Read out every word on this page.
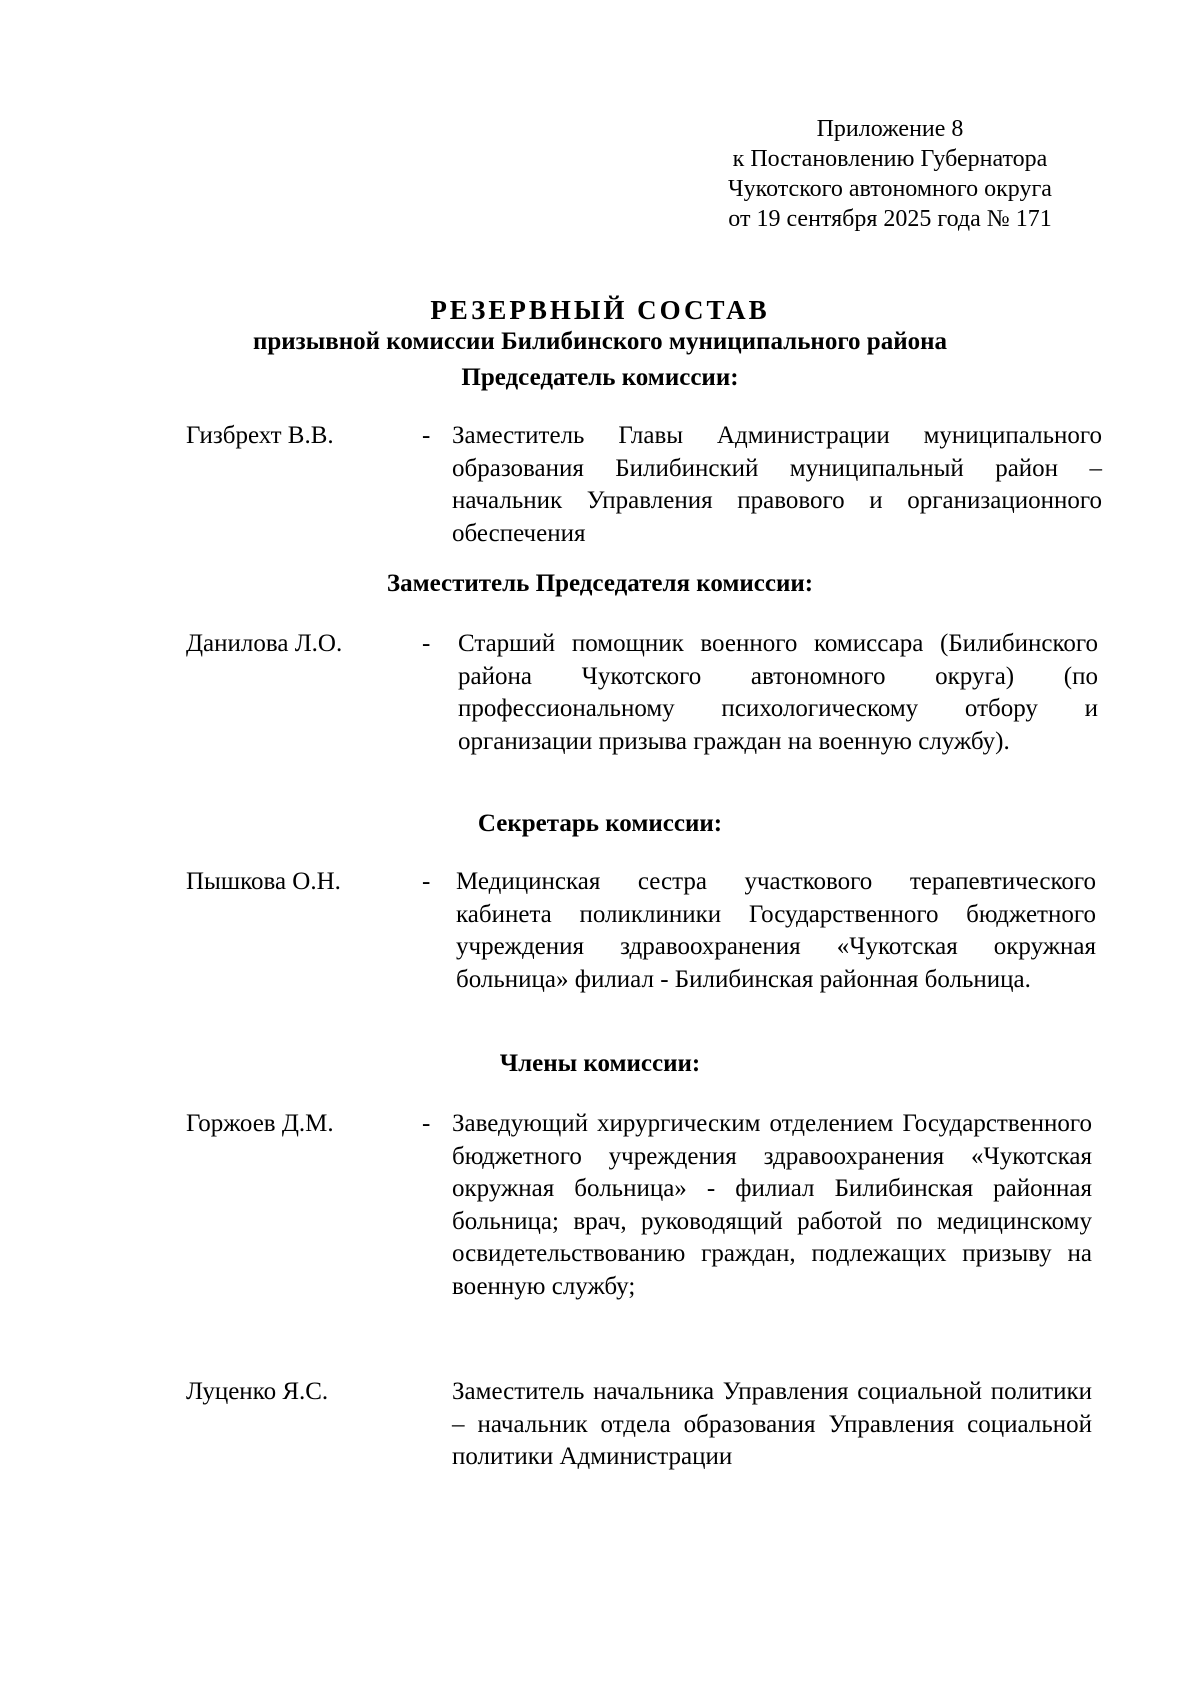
Приложение 8
к Постановлению Губернатора
Чукотского автономного округа
от 19 сентября 2025 года № 171
РЕЗЕРВНЫЙ СОСТАВ
призывной комиссии Билибинского муниципального района
Председатель комиссии:
Гизбрехт В.В.	- Заместитель Главы Администрации муниципального образования Билибинский муниципальный район – начальник Управления правового и организационного обеспечения
Заместитель Председателя комиссии:
Данилова Л.О.	- Старший помощник военного комиссара (Билибинского района Чукотского автономного округа) (по профессиональному психологическому отбору и организации призыва граждан на военную службу).
Секретарь комиссии:
Пышкова О.Н.	- Медицинская сестра участкового терапевтического кабинета поликлиники Государственного бюджетного учреждения здравоохранения «Чукотская окружная больница» филиал - Билибинская районная больница.
Члены комиссии:
Горжоев Д.М.	- Заведующий хирургическим отделением Государственного бюджетного учреждения здравоохранения «Чукотская окружная больница» - филиал Билибинская районная больница; врач, руководящий работой по медицинскому освидетельствованию граждан, подлежащих призыву на военную службу;
Луценко Я.С.	Заместитель начальника Управления социальной политики – начальник отдела образования Управления социальной политики Администрации
